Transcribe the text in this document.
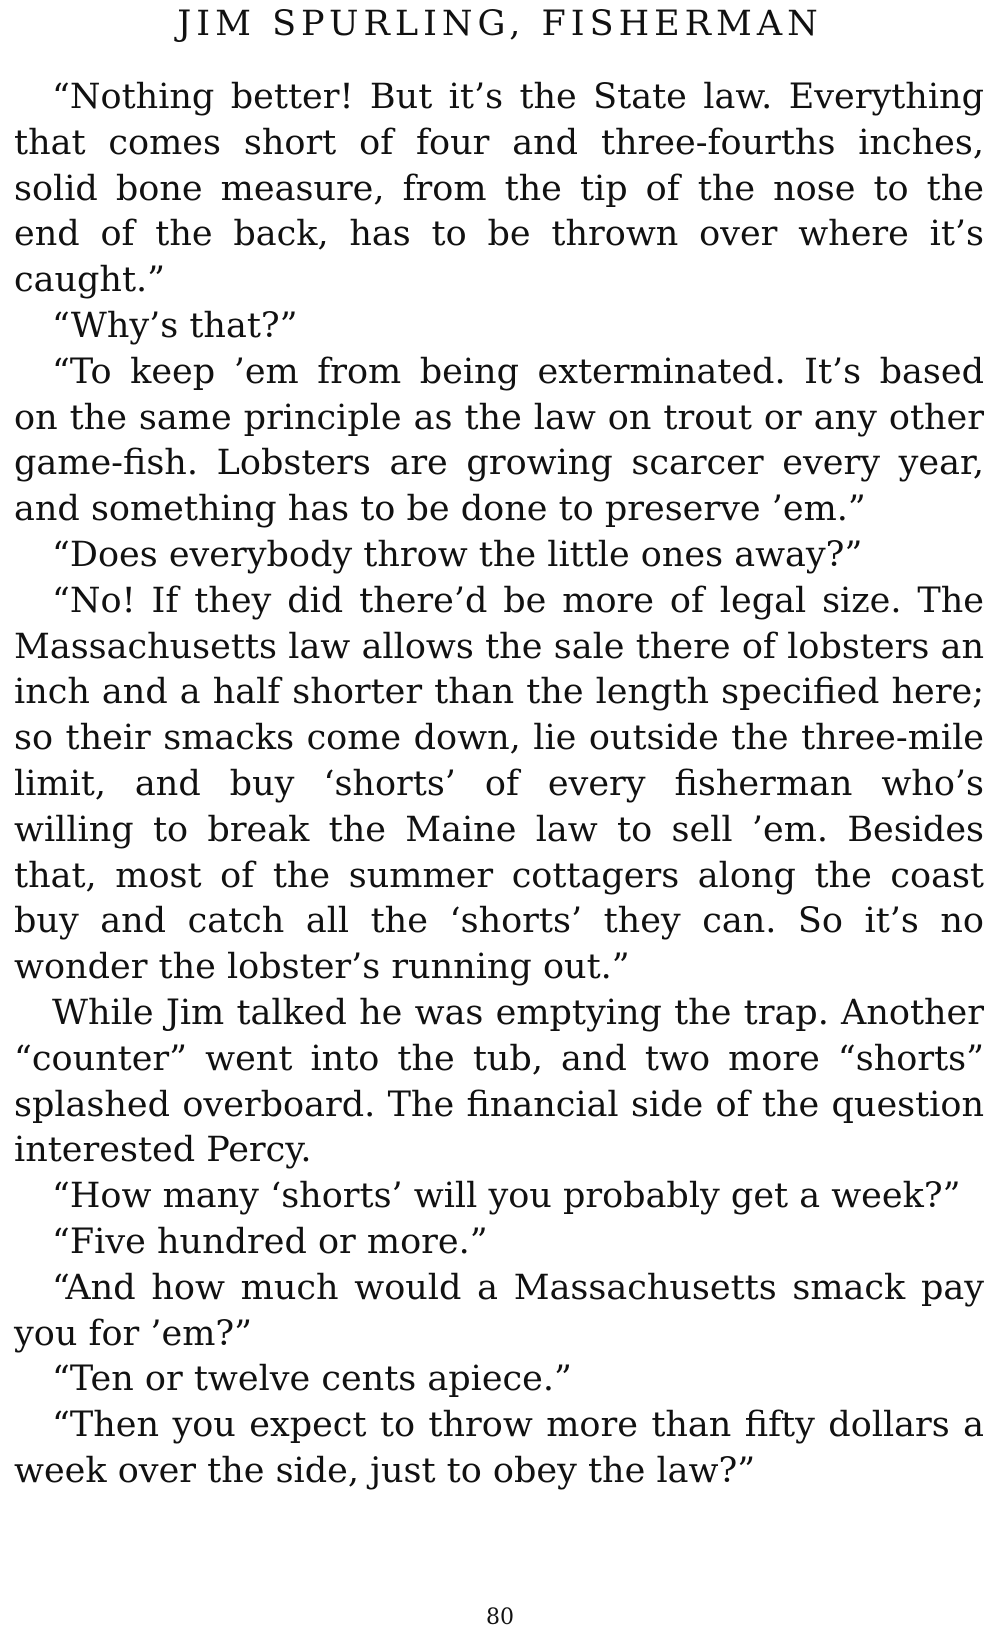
JIM SPURLING, FISHERMAN

“Nothing better! But it’s the State law. Everything that comes short of four and three-fourths inches, solid bone measure, from the tip of the nose to the end of the back, has to be thrown over where it’s caught.”

“Why’s that?”

“To keep ’em from being exterminated. It’s based on the same principle as the law on trout or any other game-fish. Lobsters are growing scarcer every year, and something has to be done to preserve ’em.”

“Does everybody throw the little ones away?”

“No! If they did there’d be more of legal size. The Massachusetts law allows the sale there of lobsters an inch and a half shorter than the length specified here; so their smacks come down, lie outside the three-mile limit, and buy ‘shorts’ of every fisherman who’s willing to break the Maine law to sell ’em. Besides that, most of the summer cottagers along the coast buy and catch all the ‘shorts’ they can. So it’s no wonder the lobster’s running out.”

While Jim talked he was emptying the trap. Another “counter” went into the tub, and two more “shorts” splashed overboard. The financial side of the question interested Percy.

“How many ‘shorts’ will you probably get a week?”

“Five hundred or more.”

“And how much would a Massachusetts smack pay you for ’em?”

“Ten or twelve cents apiece.”

“Then you expect to throw more than fifty dollars a week over the side, just to obey the law?”

80
